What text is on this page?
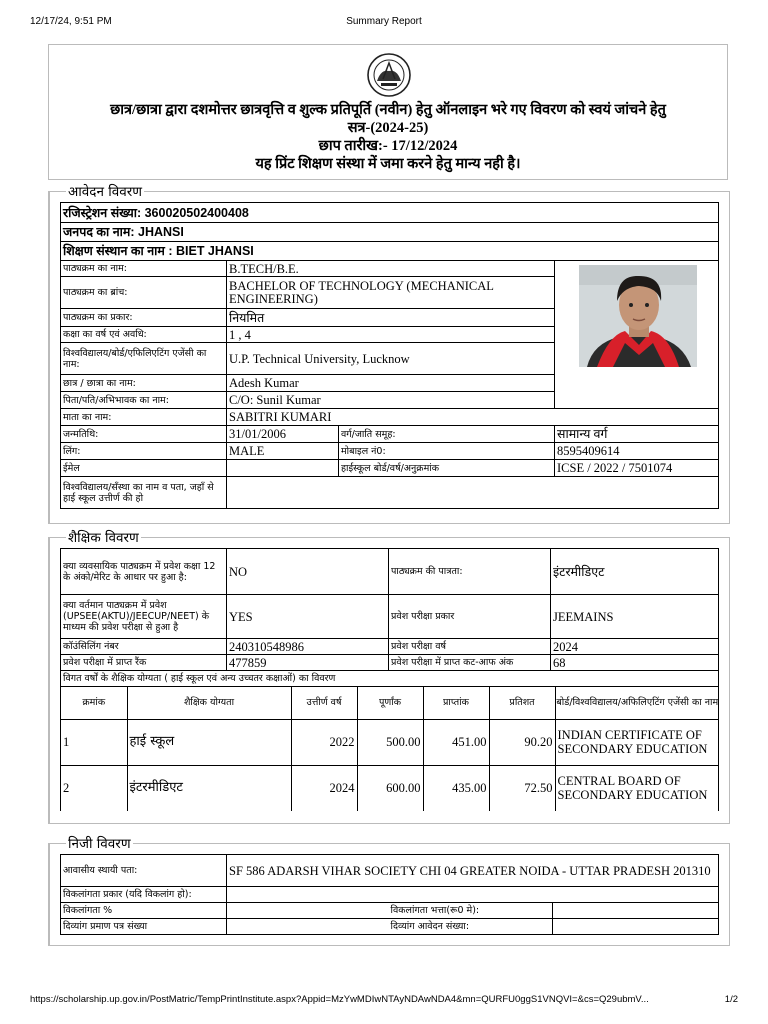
12/17/24, 9:51 PM	Summary Report
छात्र/छात्रा द्वारा दशमोत्तर छात्रवृत्ति व शुल्क प्रतिपूर्ति (नवीन) हेतु ऑनलाइन भरे गए विवरण को स्वयं जांचने हेतु
सत्र-(2024-25)
छाप तारीख:- 17/12/2024
यह प्रिंट शिक्षण संस्था में जमा करने हेतु मान्य नही है।
आवेदन विवरण
रजिस्ट्रेशन संख्या: 360020502400408			
जनपद का नाम: JHANSI			
शिक्षण संस्थान का नाम : BIET JHANSI			
पाठ्यक्रम का नाम:	B.TECH/B.E.	

पाठ्यक्रम का ब्रांच:	BACHELOR OF TECHNOLOGY (MECHANICAL ENGINEERING)		
पाठ्यक्रम का प्रकार:	नियमित		
कक्षा का वर्ष एवं अवधि:	1 , 4		
विश्वविद्यालय/बोर्ड/एफिलिएटिंग एजेंसी का नाम:	U.P. Technical University, Lucknow		
छात्र / छात्रा का नाम:	Adesh Kumar		
पिता/पति/अभिभावक का नाम:	C/O: Sunil Kumar		
माता का नाम:	SABITRI KUMARI		
जन्मतिथि:	31/01/2006	वर्ग/जाति समूह:	सामान्य वर्ग
लिंग:	MALE	मोबाइल नं0:	8595409614
ईमेल		हाईस्कूल बोर्ड/वर्ष/अनुक्रमांक	ICSE / 2022 / 7501074
विश्वविद्यालय/सँस्था का नाम व पता, जहाँ से हाई स्कूल उत्तीर्ण की हो			
शैक्षिक विवरण
क्या व्यवसायिक पाठ्यक्रम में प्रवेश कक्षा 12 के अंको/मेरिट के आधार पर हुआ है:	NO	पाठ्यक्रम की पात्रता:	इंटरमीडिएट
क्या वर्तमान पाठ्यक्रम में प्रवेश (UPSEE(AKTU)/JEECUP/NEET) के माध्यम की प्रवेश परीक्षा से हुआ है	YES	प्रवेश परीक्षा प्रकार	JEEMAINS
कॉउंसिलिंग नंबर	240310548986	प्रवेश परीक्षा वर्ष	2024
प्रवेश परीक्षा में प्राप्त रैंक	477859	प्रवेश परीक्षा में प्राप्त कट-आफ अंक	68
विगत वर्षों के शैक्षिक योग्यता ( हाई स्कूल एवं अन्य उच्चतर कक्षाओं) का विवरण

क्रमांक	शैक्षिक योग्यता	उत्तीर्ण वर्ष	पूर्णांक	प्राप्तांक	प्रतिशत	बोर्ड/विश्वविद्यालय/अफिलिएटिंग एजेंसी का नाम
1	हाई स्कूल	2022	500.00	451.00	90.20	INDIAN CERTIFICATE OF SECONDARY EDUCATION
2	इंटरमीडिएट	2024	600.00	435.00	72.50	CENTRAL BOARD OF SECONDARY EDUCATION
निजी विवरण
आवासीय स्थायी पता:	SF 586 ADARSH VIHAR SOCIETY CHI 04 GREATER NOIDA - UTTAR PRADESH 201310		
विकलांगता प्रकार (यदि विकलांग हो):			
विकलांगता %		विकलांगता भत्ता(रू0 मे):	
दिव्यांग प्रमाण पत्र संख्या		दिव्यांग आवेदन संख्या:	
https://scholarship.up.gov.in/PostMatric/TempPrintInstitute.aspx?Appid=MzYwMDIwNTAyNDAwNDA4&mn=QURFU0ggS1VNQVI=&cs=Q29ubmV...	1/2
